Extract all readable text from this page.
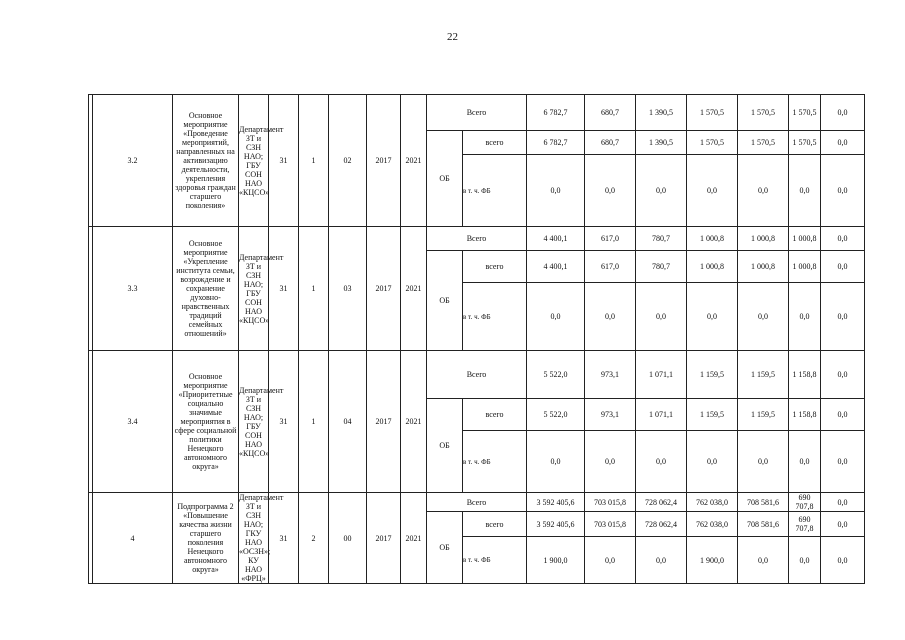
22
	3.2	Основное мероприятие «Проведение мероприятий, направленных на активизацию деятельности, укрепления здоровья граждан старшего поколения»	Департамент ЗТ и СЗН НАО; ГБУ СОН НАО «КЦСО»	31	1	02	2017	2021	Всего		6 782,7	680,7	1 390,5	1 570,5	1 570,5	1 570,5	0,0	
									ОБ	всего	6 782,7	680,7	1 390,5	1 570,5	1 570,5	1 570,5	0,0	

										в т. ч. ФБ	0,0	0,0	0,0	0,0	0,0	0,0	0,0	
	3.3	Основное мероприятие «Укрепление института семьи, возрождение и сохранение духовно-нравственных традиций семейных отношений»	Департамент ЗТ и СЗН НАО; ГБУ СОН НАО «КЦСО»	31	1	03	2017	2021	Всего		4 400,1	617,0	780,7	1 000,8	1 000,8	1 000,8	0,0	
									ОБ	всего	4 400,1	617,0	780,7	1 000,8	1 000,8	1 000,8	0,0	

										в т. ч. ФБ	0,0	0,0	0,0	0,0	0,0	0,0	0,0	
	3.4	Основное мероприятие «Приоритетные социально значимые мероприятия в сфере социальной политики Ненецкого автономного округа»	Департамент ЗТ и СЗН НАО; ГБУ СОН НАО «КЦСО»	31	1	04	2017	2021	Всего		5 522,0	973,1	1 071,1	1 159,5	1 159,5	1 158,8	0,0	
									ОБ	всего	5 522,0	973,1	1 071,1	1 159,5	1 159,5	1 158,8	0,0	

										в т. ч. ФБ	0,0	0,0	0,0	0,0	0,0	0,0	0,0	
	4	Подпрограмма 2 «Повышение качества жизни старшего поколения Ненецкого автономного округа»	Департамент ЗТ и СЗН НАО; ГКУ НАО «ОСЗН»; КУ НАО «ФРЦ»	31	2	00	2017	2021	Всего		3 592 405,6	703 015,8	728 062,4	762 038,0	708 581,6	690 707,8	0,0	
									ОБ	всего	3 592 405,6	703 015,8	728 062,4	762 038,0	708 581,6	690 707,8	0,0	

										в т. ч. ФБ	1 900,0	0,0	0,0	1 900,0	0,0	0,0	0,0	
